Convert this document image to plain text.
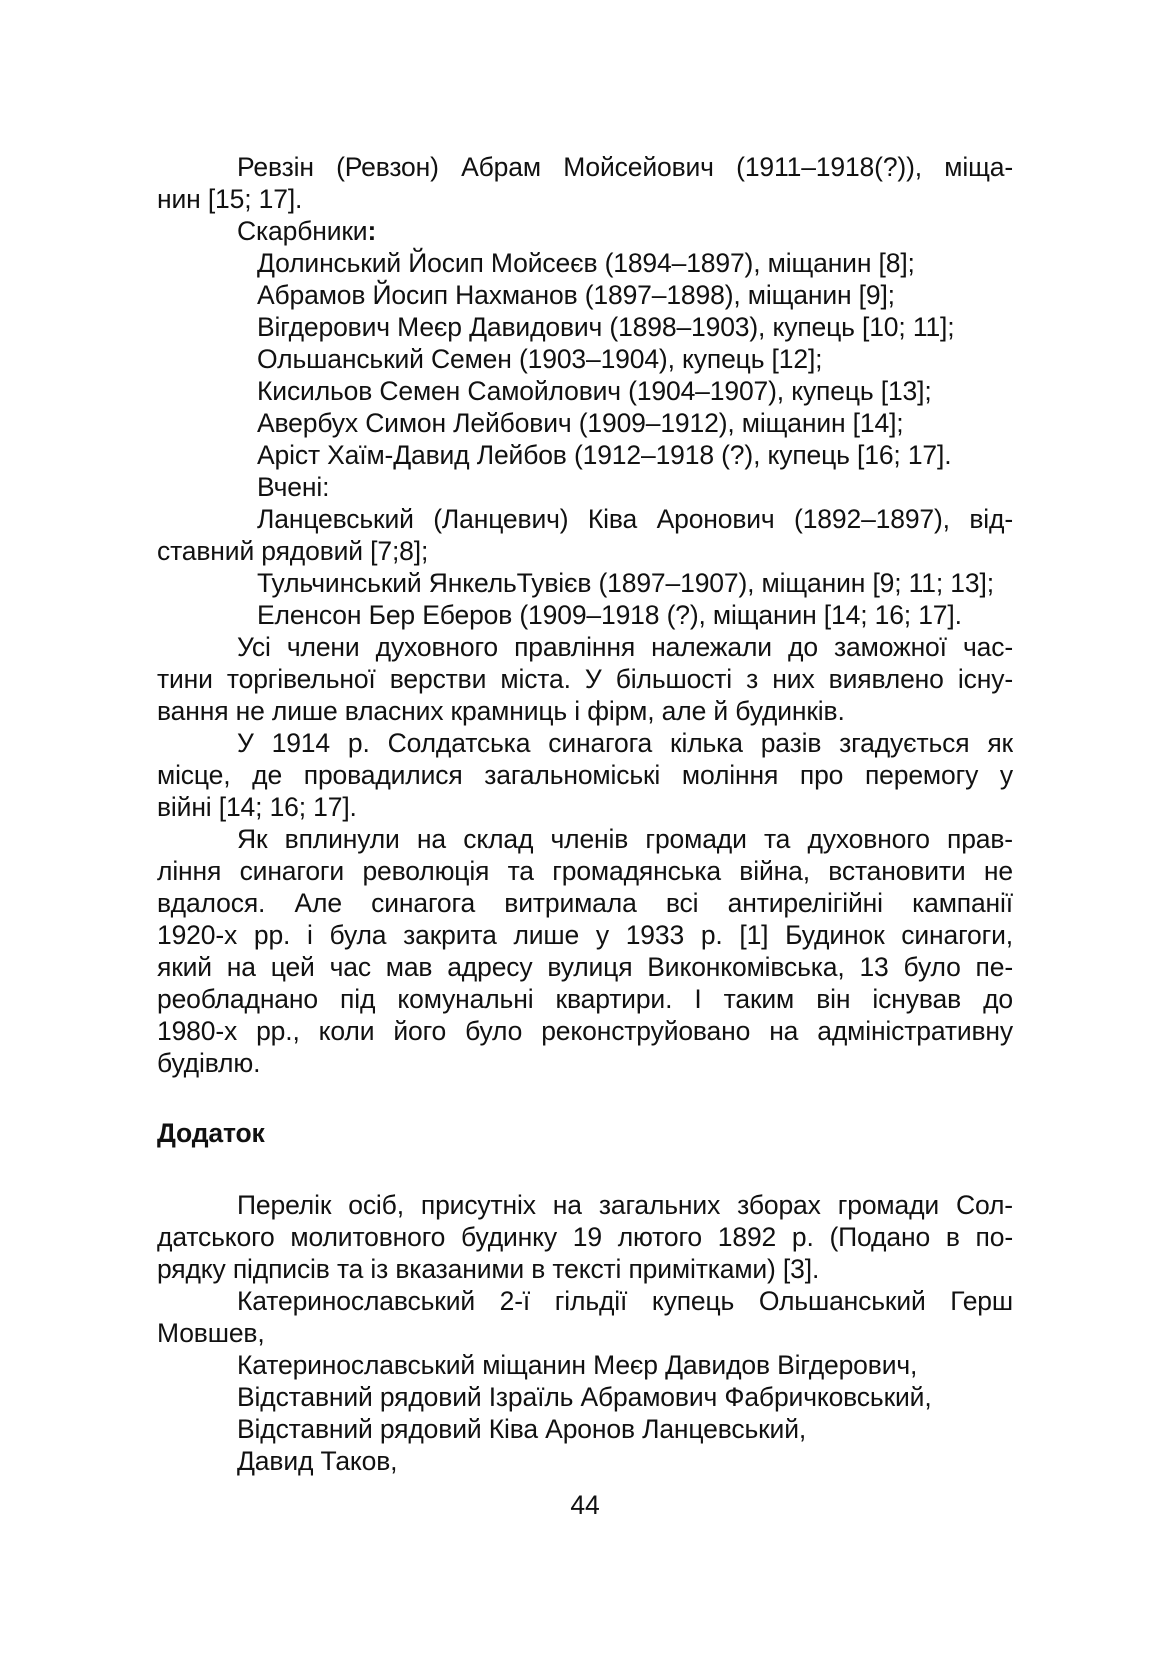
Ревзін (Ревзон) Абрам Мойсейович (1911–1918(?)), міща-
нин [15; 17].
Скарбники:
Долинський Йосип Мойсеєв (1894–1897), міщанин [8];
Абрамов Йосип Нахманов (1897–1898), міщанин [9];
Вігдерович Меєр Давидович (1898–1903), купець [10; 11];
Ольшанський Семен (1903–1904), купець [12];
Кисильов Семен Самойлович (1904–1907), купець [13];
Авербух Симон Лейбович (1909–1912), міщанин [14];
Арiст Хаїм-Давид Лейбов (1912–1918 (?), купець [16; 17].
Вчені:
Ланцевський (Ланцевич) Ківа Аронович (1892–1897), від-
ставний рядовий [7;8];
Тульчинський ЯнкельТувієв (1897–1907), міщанин [9; 11; 13];
Еленсон Бер Еберов (1909–1918 (?), міщанин [14; 16; 17].
Усі члени духовного правління належали до заможної час-
тини торгівельної верстви міста. У більшості з них виявлено існу-
вання не лише власних крамниць і фірм, але й будинків.
У 1914 р. Солдатська синагога кілька разів згадується як
місце, де провадилися загальноміські моління про перемогу у
війні [14; 16; 17].
Як вплинули на склад членів громади та духовного прав-
ління синагоги революція та громадянська війна, встановити не
вдалося. Але синагога витримала всі антирелігійні кампанії
1920-х рр. і була закрита лише у 1933 р. [1] Будинок синагоги,
який на цей час мав адресу вулиця Виконкомівська, 13 було пе-
реобладнано під комунальні квартири. І таким він існував до
1980-х рр., коли його було реконструйовано на адміністративну
будівлю.
Додаток
Перелік осіб, присутніх на загальних зборах громади Сол-
датського молитовного будинку 19 лютого 1892 р. (Подано в по-
рядку підписів та із вказаними в тексті примітками) [3].
Катеринославський 2-ї гільдії купець Ольшанський Герш
Мовшев,
Катеринославський міщанин Меєр Давидов Вігдерович,
Відставний рядовий Ізраїль Абрамович Фабричковський,
Відставний рядовий Ківа Аронов Ланцевський,
Давид Таков,
44
